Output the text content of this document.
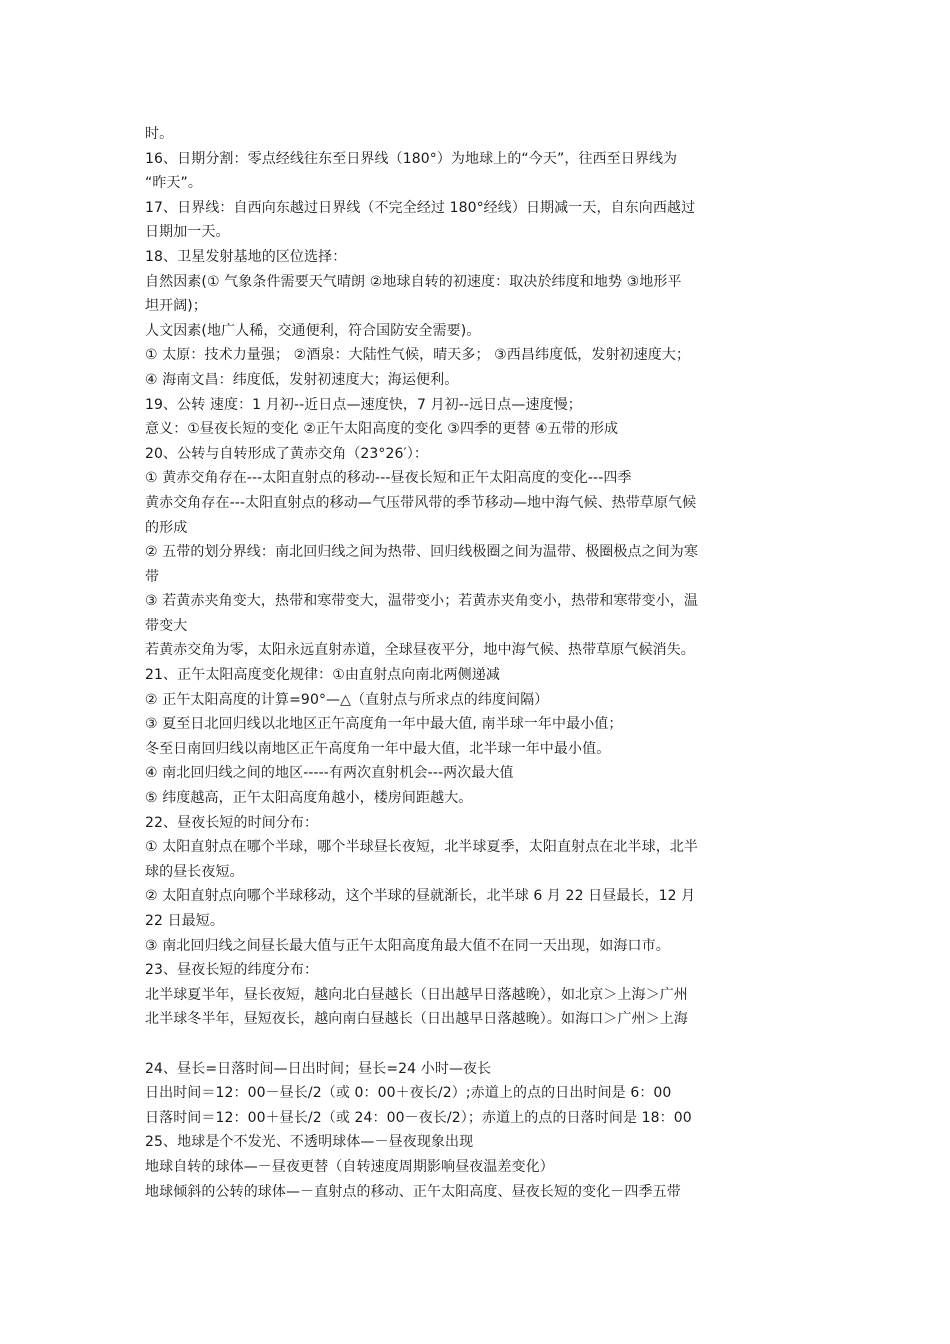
时。
16、日期分割：零点经线往东至日界线（180°）为地球上的“今天”，往西至日界线为
“昨天”。
17、日界线：自西向东越过日界线（不完全经过 180°经线）日期减一天，自东向西越过
日期加一天。
18、卫星发射基地的区位选择：
自然因素(① 气象条件需要天气晴朗 ②地球自转的初速度：取决於纬度和地势 ③地形平
坦开阔)；
人文因素(地广人稀，交通便利，符合国防安全需要)。
① 太原：技术力量强； ②酒泉：大陆性气候，晴天多； ③西昌纬度低，发射初速度大；
④ 海南文昌：纬度低，发射初速度大；海运便利。
19、公转 速度：1 月初--近日点—速度快，7 月初--远日点—速度慢；
意义：①昼夜长短的变化 ②正午太阳高度的变化 ③四季的更替 ④五带的形成
20、公转与自转形成了黄赤交角（23°26′）：
① 黄赤交角存在---太阳直射点的移动---昼夜长短和正午太阳高度的变化---四季
黄赤交角存在---太阳直射点的移动—气压带风带的季节移动—地中海气候、热带草原气候
的形成
② 五带的划分界线：南北回归线之间为热带、回归线极圈之间为温带、极圈极点之间为寒
带
③ 若黄赤夹角变大，热带和寒带变大，温带变小；若黄赤夹角变小，热带和寒带变小，温
带变大
若黄赤交角为零，太阳永远直射赤道，全球昼夜平分，地中海气候、热带草原气候消失。
21、正午太阳高度变化规律：①由直射点向南北两侧递减
② 正午太阳高度的计算=90°—△（直射点与所求点的纬度间隔）
③ 夏至日北回归线以北地区正午高度角一年中最大值, 南半球一年中最小值；
冬至日南回归线以南地区正午高度角一年中最大值，北半球一年中最小值。
④ 南北回归线之间的地区-----有两次直射机会---两次最大值
⑤ 纬度越高，正午太阳高度角越小，楼房间距越大。
22、昼夜长短的时间分布：
① 太阳直射点在哪个半球，哪个半球昼长夜短，北半球夏季，太阳直射点在北半球，北半
球的昼长夜短。
② 太阳直射点向哪个半球移动，这个半球的昼就渐长，北半球 6 月 22 日昼最长，12 月
22 日最短。
③ 南北回归线之间昼长最大值与正午太阳高度角最大值不在同一天出现，如海口市。
23、昼夜长短的纬度分布：
北半球夏半年，昼长夜短，越向北白昼越长（日出越早日落越晚），如北京＞上海＞广州
北半球冬半年，昼短夜长，越向南白昼越长（日出越早日落越晚）。如海口＞广州＞上海
24、昼长=日落时间—日出时间；昼长=24 小时—夜长
日出时间＝12：00－昼长/2（或 0：00＋夜长/2）;赤道上的点的日出时间是 6：00
日落时间＝12：00＋昼长/2（或 24：00－夜长/2）；赤道上的点的日落时间是 18：00
25、地球是个不发光、不透明球体—－昼夜现象出现
地球自转的球体—－昼夜更替（自转速度周期影响昼夜温差变化）
地球倾斜的公转的球体—－直射点的移动、正午太阳高度、昼夜长短的变化－四季五带
